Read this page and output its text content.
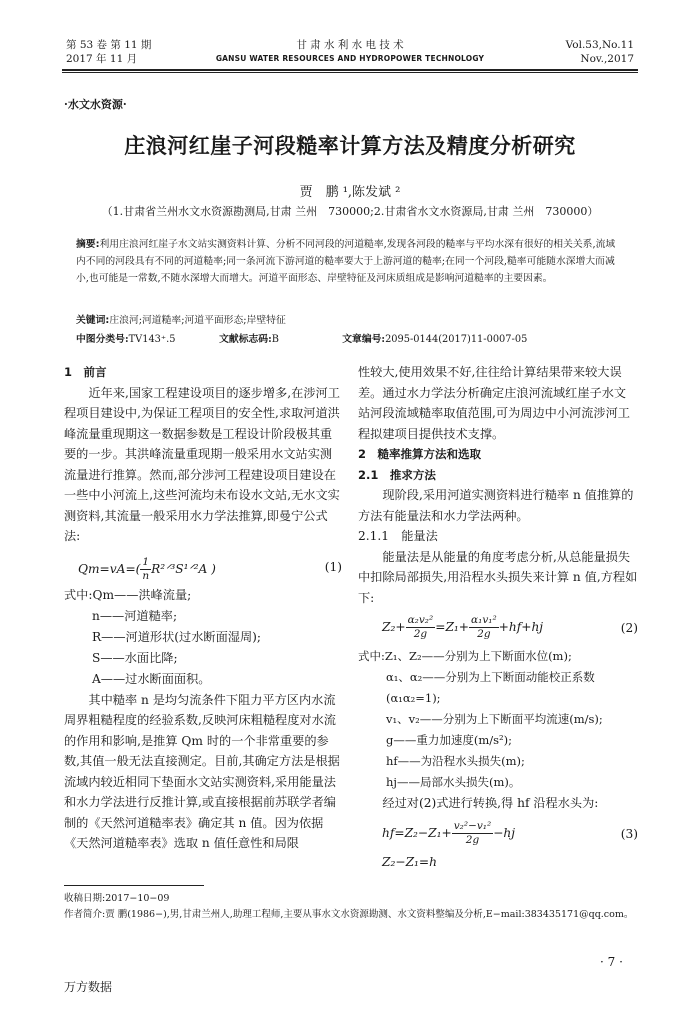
第 53 卷 第 11 期
2017 年 11 月
甘 肃 水 利 水 电 技 术
GANSU WATER RESOURCES AND HYDROPOWER TECHNOLOGY
Vol.53,No.11
Nov.,2017
·水文水资源·
庄浪河红崖子河段糙率计算方法及精度分析研究
贾　鹏 ¹,陈发斌 ²
（1.甘肃省兰州水文水资源勘测局,甘肃 兰州　730000;2.甘肃省水文水资源局,甘肃 兰州　730000）
摘要:利用庄浪河红崖子水文站实测资料计算、分析不同河段的河道糙率,发现各河段的糙率与平均水深有很好的相关关系,流域内不同的河段具有不同的河道糙率;同一条河流下游河道的糙率要大于上游河道的糙率;在同一个河段,糙率可能随水深增大而减小,也可能是一常数,不随水深增大而增大。河道平面形态、岸壁特征及河床质组成是影响河道糙率的主要因素。
关键词:庄浪河;河道糙率;河道平面形态;岸壁特征
中图分类号:TV143⁺.5	文献标志码:B	文章编号:2095-0144(2017)11-0007-05

1　前言

近年来,国家工程建设项目的逐步增多,在涉河工程项目建设中,为保证工程项目的安全性,求取河道洪峰流量重现期这一数据参数是工程设计阶段极其重要的一步。其洪峰流量重现期一般采用水文站实测流量进行推算。然而,部分涉河工程建设项目建设在一些中小河流上,这些河流均未布设水文站,无水文实测资料,其流量一般采用水力学法推算,即曼宁公式法:

$Qm=vA=( \frac{1}{n}$ R²ᐟ³S¹ᐟ²A )	(1)
式中:Qm——洪峰流量;
n——河道糙率;
R——河道形状(过水断面湿周);
S——水面比降;
A——过水断面面积。

其中糙率 n 是均匀流条件下阻力平方区内水流周界粗糙程度的经验系数,反映河床粗糙程度对水流的作用和影响,是推算 Qm 时的一个非常重要的参数,其值一般无法直接测定。目前,其确定方法是根据流域内较近相同下垫面水文站实测资料,采用能量法和水力学法进行反推计算,或直接根据前苏联学者编制的《天然河道糙率表》确定其 n 值。因为依据《天然河道糙率表》选取 n 值任意性和局限

性较大,使用效果不好,往往给计算结果带来较大误差。通过水力学法分析确定庄浪河流域红崖子水文站河段流域糙率取值范围,可为周边中小河流涉河工程拟建项目提供技术支撑。

2　糙率推算方法和选取

2.1　推求方法

现阶段,采用河道实测资料进行糙率 n 值推算的方法有能量法和水力学法两种。

2.1.1　能量法

能量法是从能量的角度考虑分析,从总能量损失中扣除局部损失,用沿程水头损失来计算 n 值,方程如下:

$Z_2+ \frac{\text{α₂v₂²}}{2g} =Z_1+ \frac{\text{α₁v₁²}}{2g} +hf+hj$	(2)
式中:Z₁、Z₂——分别为上下断面水位(m);
α₁、α₂——分别为上下断面动能校正系数(α₁α₂=1);
v₁、v₂——分别为上下断面平均流速(m/s);
g——重力加速度(m/s²);
hf——为沿程水头损失(m);
hj——局部水头损失(m)。

经过对(2)式进行转换,得 hf 沿程水头为:

$hf=Z_2-Z_1+ \frac{\text{v₂²−v₁²}}{2g} -hj$	(3)

Z₂−Z₁=h

收稿日期:2017−10−09
作者简介:贾 鹏(1986−),男,甘肃兰州人,助理工程师,主要从事水文水资源勘测、水文资料整编及分析,E−mail:383435171@qq.com。
· 7 ·
万方数据
